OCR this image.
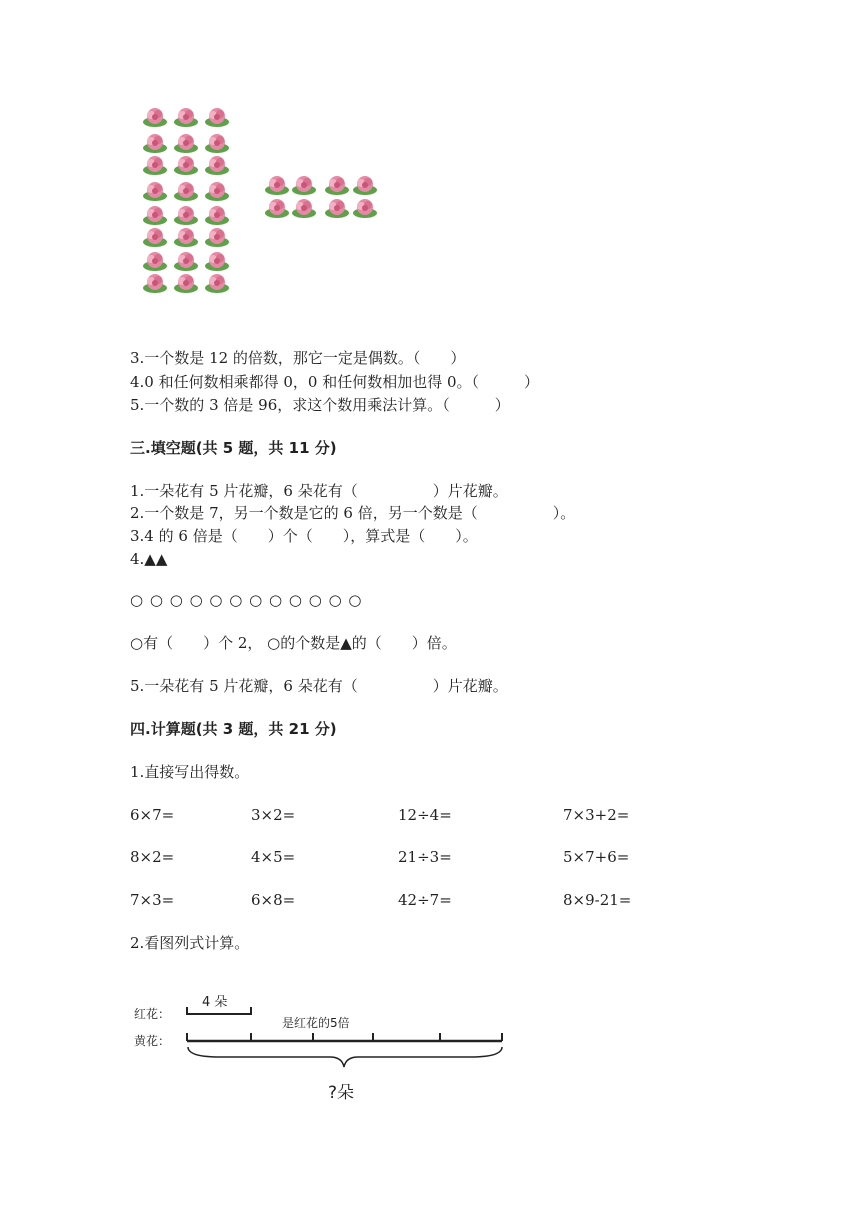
3.一个数是 12 的倍数，那它一定是偶数。（　　）
4.0 和任何数相乘都得 0，0 和任何数相加也得 0。（　　　）
5.一个数的 3 倍是 96，求这个数用乘法计算。（　　　）
三.填空题(共 5 题，共 11 分)
1.一朵花有 5 片花瓣，6 朵花有（　　　　　）片花瓣。
2.一个数是 7，另一个数是它的 6 倍，另一个数是（　　　　　）。
3.4 的 6 倍是（　　）个（　　），算式是（　　）。
4.▲▲
○ ○ ○ ○ ○ ○ ○ ○ ○ ○ ○ ○
○有（　　）个 2， ○的个数是▲的（　　）倍。
5.一朵花有 5 片花瓣，6 朵花有（　　　　　）片花瓣。
四.计算题(共 3 题，共 21 分)
1.直接写出得数。
6×7=	3×2=	12÷4=	7×3+2=
8×2=	4×5=	21÷3=	5×7+6=
7×3=	6×8=	42÷7=	8×9-21=
2.看图列式计算。
红花：
黄花：
4 朵
是红花的5倍
?朵
